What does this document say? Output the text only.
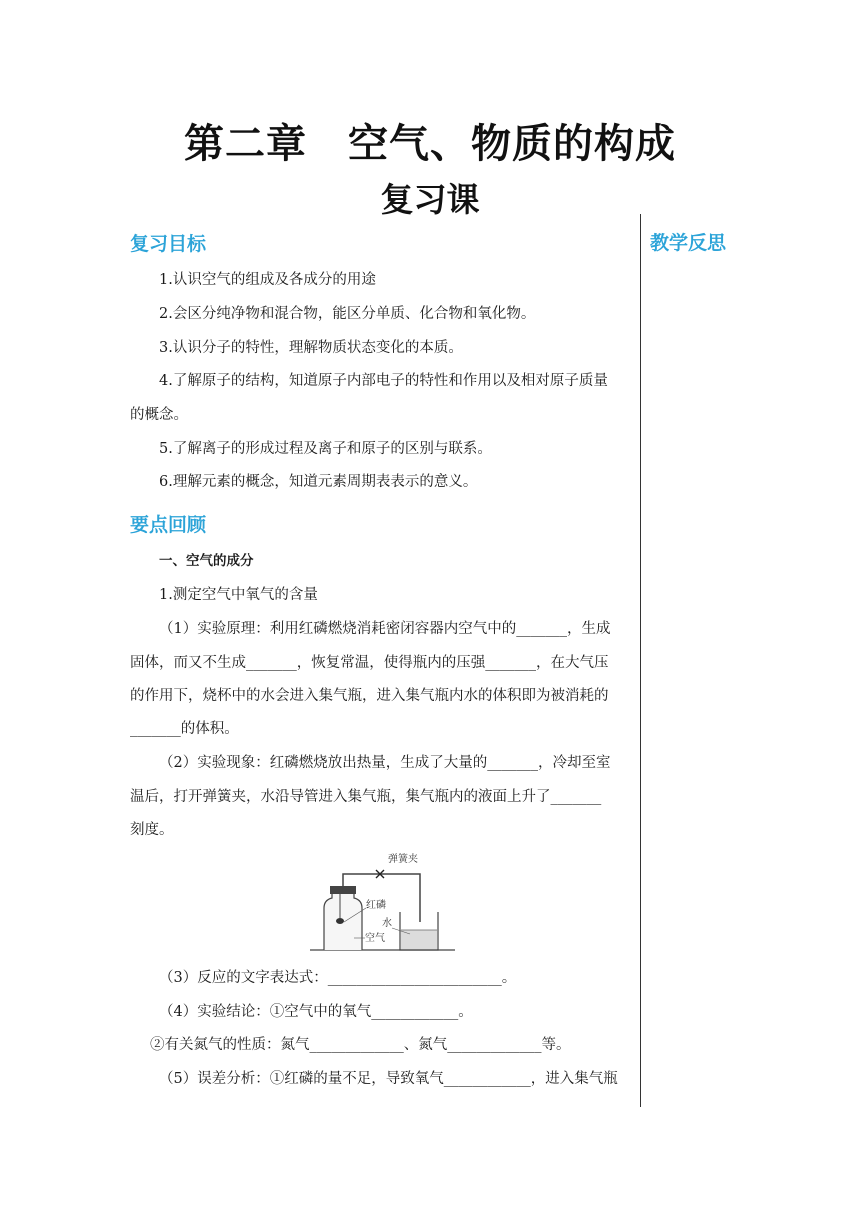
第二章　空气、物质的构成
复习课
教学反思
复习目标
1.认识空气的组成及各成分的用途
2.会区分纯净物和混合物，能区分单质、化合物和氧化物。
3.认识分子的特性，理解物质状态变化的本质。
4.了解原子的结构，知道原子内部电子的特性和作用以及相对原子质量
的概念。
5.了解离子的形成过程及离子和原子的区别与联系。
6.理解元素的概念，知道元素周期表表示的意义。
要点回顾
一、空气的成分
1.测定空气中氧气的含量
（1）实验原理：利用红磷燃烧消耗密闭容器内空气中的_______，生成
固体，而又不生成_______，恢复常温，使得瓶内的压强_______，在大气压
的作用下，烧杯中的水会进入集气瓶，进入集气瓶内水的体积即为被消耗的
_______的体积。
（2）实验现象：红磷燃烧放出热量，生成了大量的_______，冷却至室
温后，打开弹簧夹，水沿导管进入集气瓶，集气瓶内的液面上升了_______
刻度。
弹簧夹
红磷
水
空气
（3）反应的文字表达式：________________________。
（4）实验结论：①空气中的氧气____________。
②有关氮气的性质：氮气_____________、氮气_____________等。
（5）误差分析：①红磷的量不足，导致氧气____________，进入集气瓶
